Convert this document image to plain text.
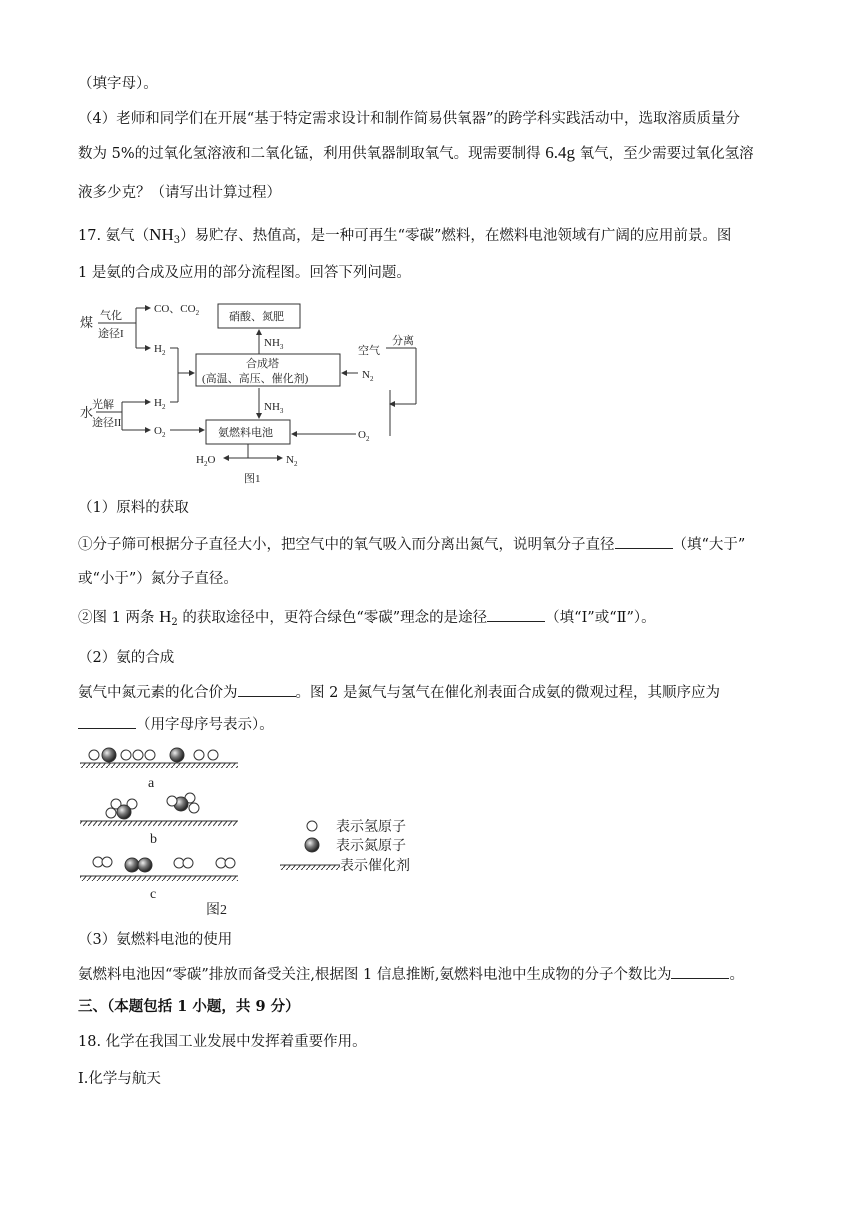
（填字母）。
（4）老师和同学们在开展“基于特定需求设计和制作简易供氧器”的跨学科实践活动中，选取溶质质量分
数为 5%的过氧化氢溶液和二氧化锰，利用供氧器制取氧气。现需要制得 6.4g 氧气，至少需要过氧化氢溶
液多少克？（请写出计算过程）
17. 氨气$(NH_3)$易贮存、热值高，是一种可再生“零碳”燃料，在燃料电池领域有广阔的应用前景。图
1 是氨的合成及应用的部分流程图。回答下列问题。
煤 气化
途径I
CO、$CO_2$
$H_2$
硝酸、氮肥
$NH_3$
合成塔
(高温、高压、催化剂)
空气
分离
$N_2$
水
光解
途径II
$H_2$
$O_2$
$NH_3$
氨燃料电池	$O_2$
$H_2O$	$N_2$
图1
（1）原料的获取
①分子筛可根据分子直径大小，把空气中的氧气吸入而分离出氮气，说明氧分子直径	（填“大于”
或“小于”）氮分子直径。
②图 1 两条 $H_2$ 的获取途径中，更符合绿色“零碳”理念的是途径	（填“I”或“Ⅱ”）。
（2）氨的合成
氨气中氮元素的化合价为	。图 2 是氮气与氢气在催化剂表面合成氨的微观过程，其顺序应为
（用字母序号表示）。
a
b
c
表示氢原子
表示氮原子
表示催化剂
图2
（3）氨燃料电池的使用
氨燃料电池因“零碳”排放而备受关注,根据图 1 信息推断,氨燃料电池中生成物的分子个数比为	。
三、（本题包括 1 小题，共 9 分）
18. 化学在我国工业发展中发挥着重要作用。
Ⅰ.化学与航天
